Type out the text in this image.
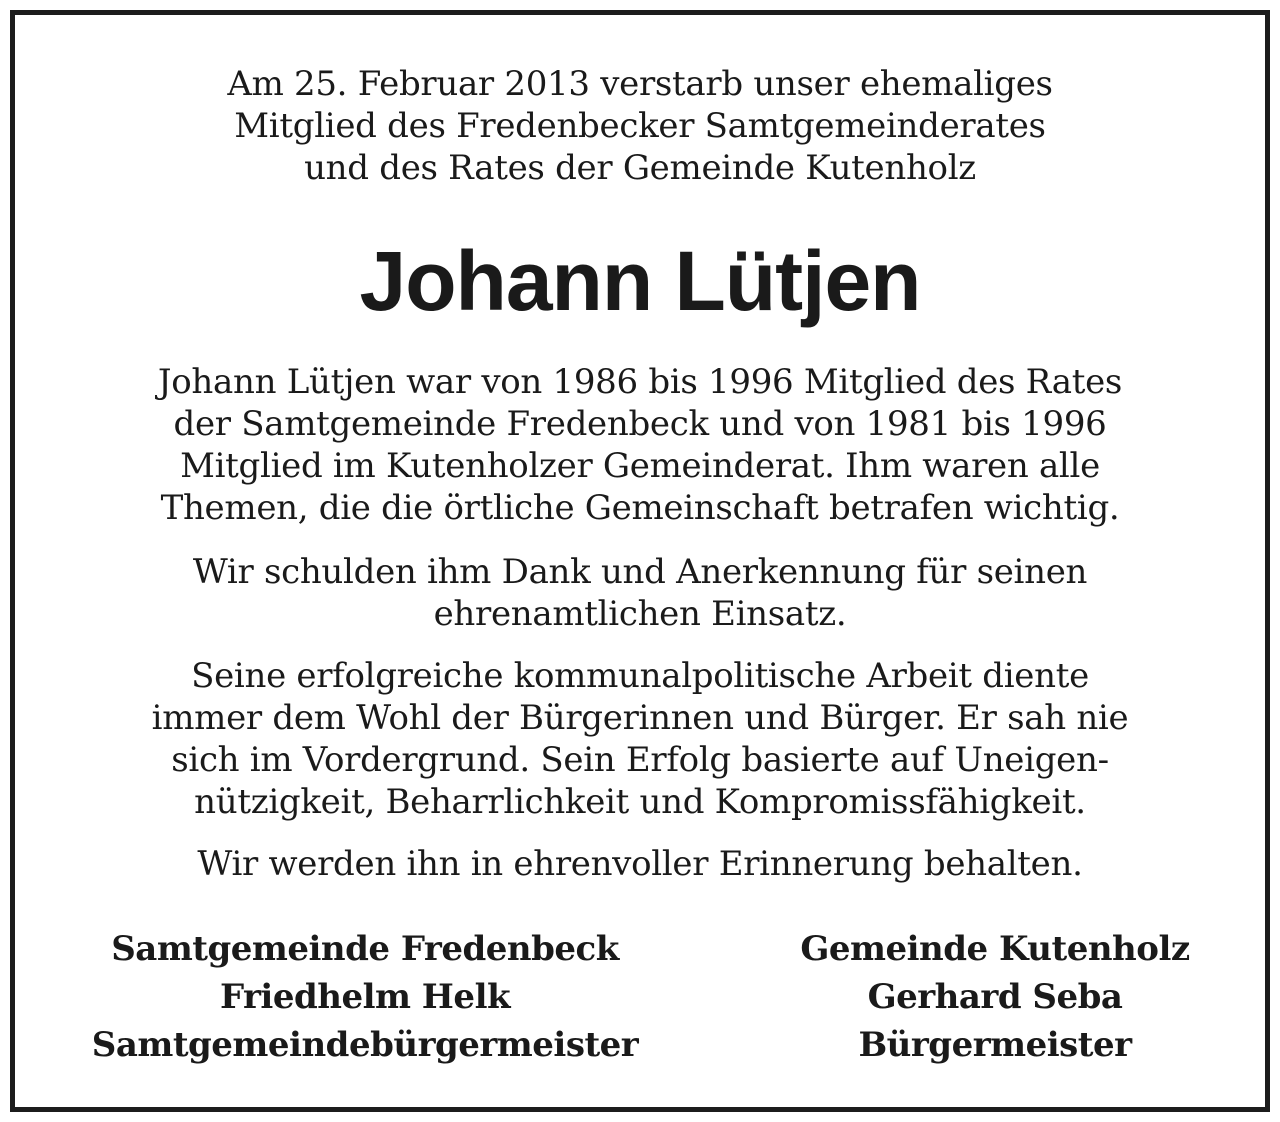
Am 25. Februar 2013 verstarb unser ehemaliges

Mitglied des Fredenbecker Samtgemeinderates

und des Rates der Gemeinde Kutenholz

Johann Lütjen

Johann Lütjen war von 1986 bis 1996 Mitglied des Rates

der Samtgemeinde Fredenbeck und von 1981 bis 1996

Mitglied im Kutenholzer Gemeinderat. Ihm waren alle

Themen, die die örtliche Gemeinschaft betrafen wichtig.

Wir schulden ihm Dank und Anerkennung für seinen

ehrenamtlichen Einsatz.

Seine erfolgreiche kommunalpolitische Arbeit diente

immer dem Wohl der Bürgerinnen und Bürger. Er sah nie

sich im Vordergrund. Sein Erfolg basierte auf Uneigen-

nützigkeit, Beharrlichkeit und Kompromissfähigkeit.

Wir werden ihn in ehrenvoller Erinnerung behalten.

Samtgemeinde Fredenbeck

Friedhelm Helk

Samtgemeindebürgermeister

Gemeinde Kutenholz

Gerhard Seba

Bürgermeister
